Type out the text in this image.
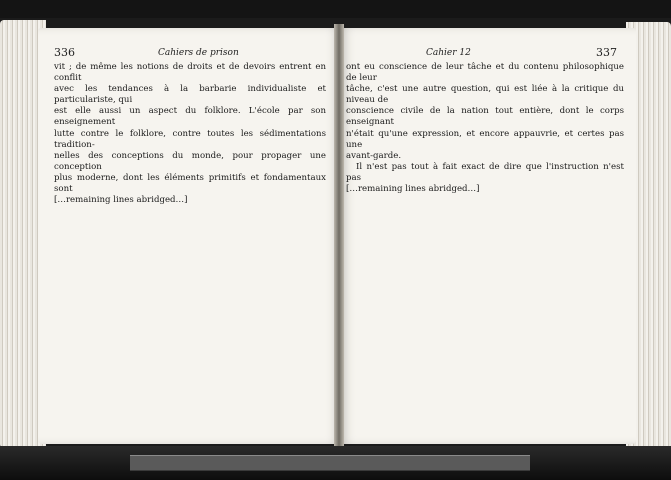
336	Cahiers de prison

vit ; de même les notions de droits et de devoirs entrent en conflit

avec les tendances à la barbarie individualiste et particulariste, qui

est elle aussi un aspect du folklore. L'école par son enseignement

lutte contre le folklore, contre toutes les sédimentations tradition-

nelles des conceptions du monde, pour propager une conception

plus moderne, dont les éléments primitifs et fondamentaux sont

[…remaining lines abridged…]

Cahier 12	337

ont eu conscience de leur tâche et du contenu philosophique de leur

tâche, c'est une autre question, qui est liée à la critique du niveau de

conscience civile de la nation tout entière, dont le corps enseignant

n'était qu'une expression, et encore appauvrie, et certes pas une

avant-garde.

Il n'est pas tout à fait exact de dire que l'instruction n'est pas

[…remaining lines abridged…]
